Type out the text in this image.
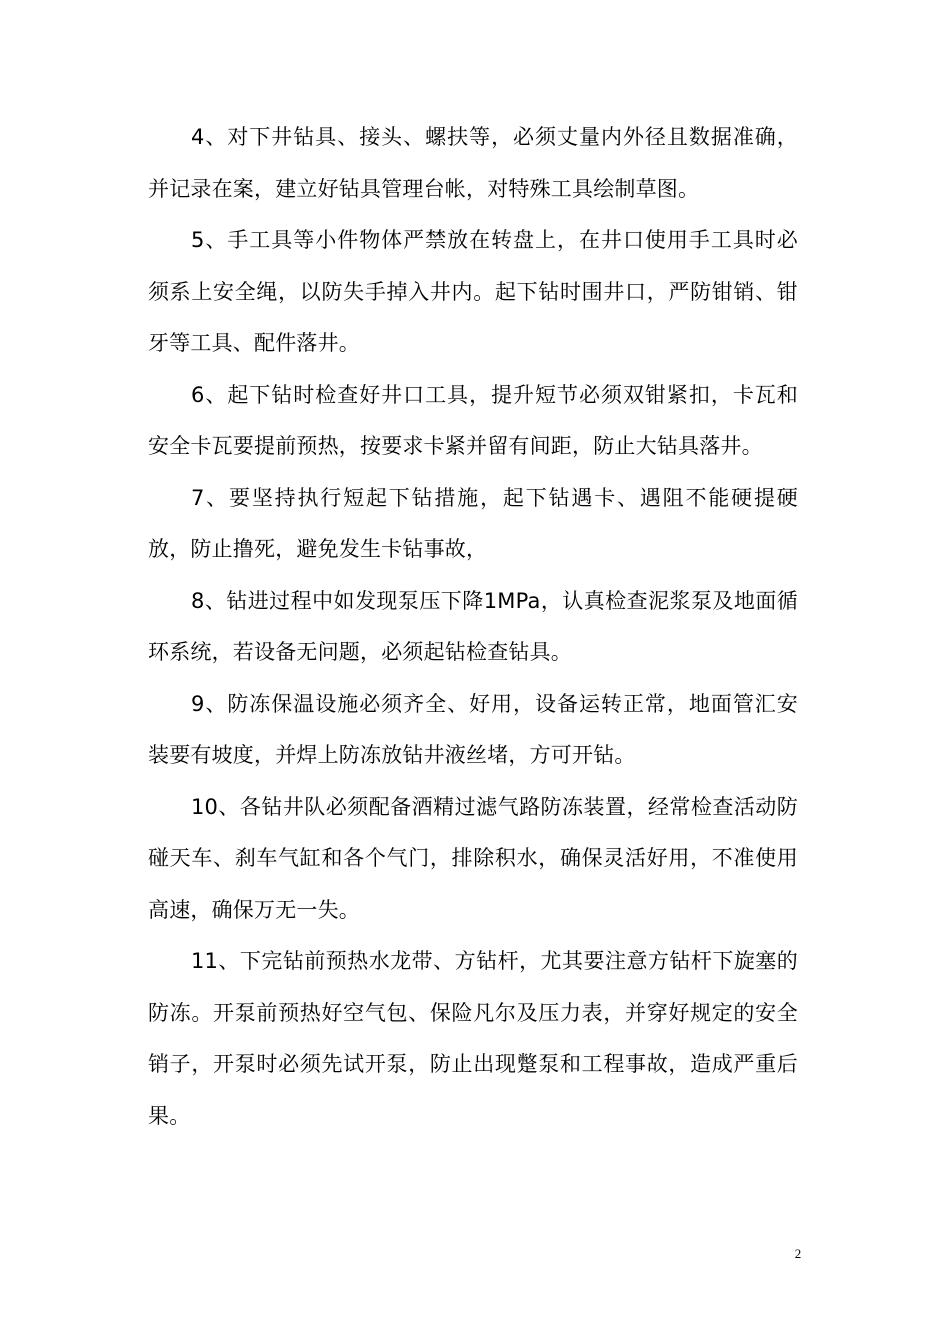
4、对下井钻具、接头、螺扶等，必须丈量内外径且数据准确，并记录在案，建立好钻具管理台帐，对特殊工具绘制草图。

5、手工具等小件物体严禁放在转盘上，在井口使用手工具时必须系上安全绳，以防失手掉入井内。起下钻时围井口，严防钳销、钳牙等工具、配件落井。

6、起下钻时检查好井口工具，提升短节必须双钳紧扣，卡瓦和安全卡瓦要提前预热，按要求卡紧并留有间距，防止大钻具落井。

7、要坚持执行短起下钻措施，起下钻遇卡、遇阻不能硬提硬放，防止撸死，避免发生卡钻事故，

8、钻进过程中如发现泵压下降1MPa，认真检查泥浆泵及地面循环系统，若设备无问题，必须起钻检查钻具。

9、防冻保温设施必须齐全、好用，设备运转正常，地面管汇安装要有坡度，并焊上防冻放钻井液丝堵，方可开钻。

10、各钻井队必须配备酒精过滤气路防冻装置，经常检查活动防碰天车、刹车气缸和各个气门，排除积水，确保灵活好用，不准使用高速，确保万无一失。

11、下完钻前预热水龙带、方钻杆，尤其要注意方钻杆下旋塞的防冻。开泵前预热好空气包、保险凡尔及压力表，并穿好规定的安全销子，开泵时必须先试开泵，防止出现蹩泵和工程事故，造成严重后果。

2
